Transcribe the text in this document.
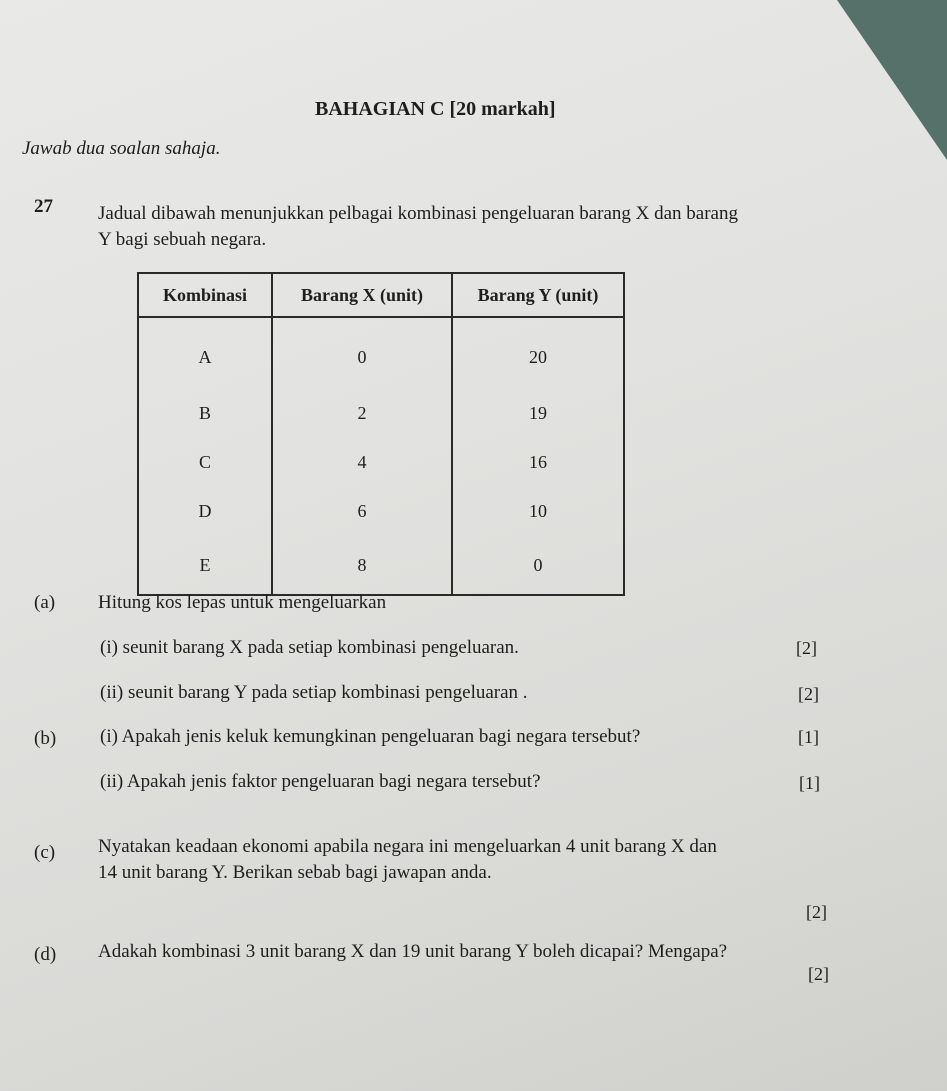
BAHAGIAN C [20 markah]
Jawab dua soalan sahaja.
27 Jadual dibawah menunjukkan pelbagai kombinasi pengeluaran barang X dan barang
Y bagi sebuah negara.
Kombinasi	Barang X (unit)	Barang Y (unit)
A	0	20
B	2	19
C	4	16
D	6	10
E	8	0
(a) Hitung kos lepas untuk mengeluarkan
(i) seunit barang X pada setiap kombinasi pengeluaran.	[2]
(ii) seunit barang Y pada setiap kombinasi pengeluaran .	[2]
(b) (i) Apakah jenis keluk kemungkinan pengeluaran bagi negara tersebut?	[1]
(ii) Apakah jenis faktor pengeluaran bagi negara tersebut?	[1]
(c) Nyatakan keadaan ekonomi apabila negara ini mengeluarkan 4 unit barang X dan
14 unit barang Y. Berikan sebab bagi jawapan anda.
[2]
(d) Adakah kombinasi 3 unit barang X dan 19 unit barang Y boleh dicapai? Mengapa?
[2]
